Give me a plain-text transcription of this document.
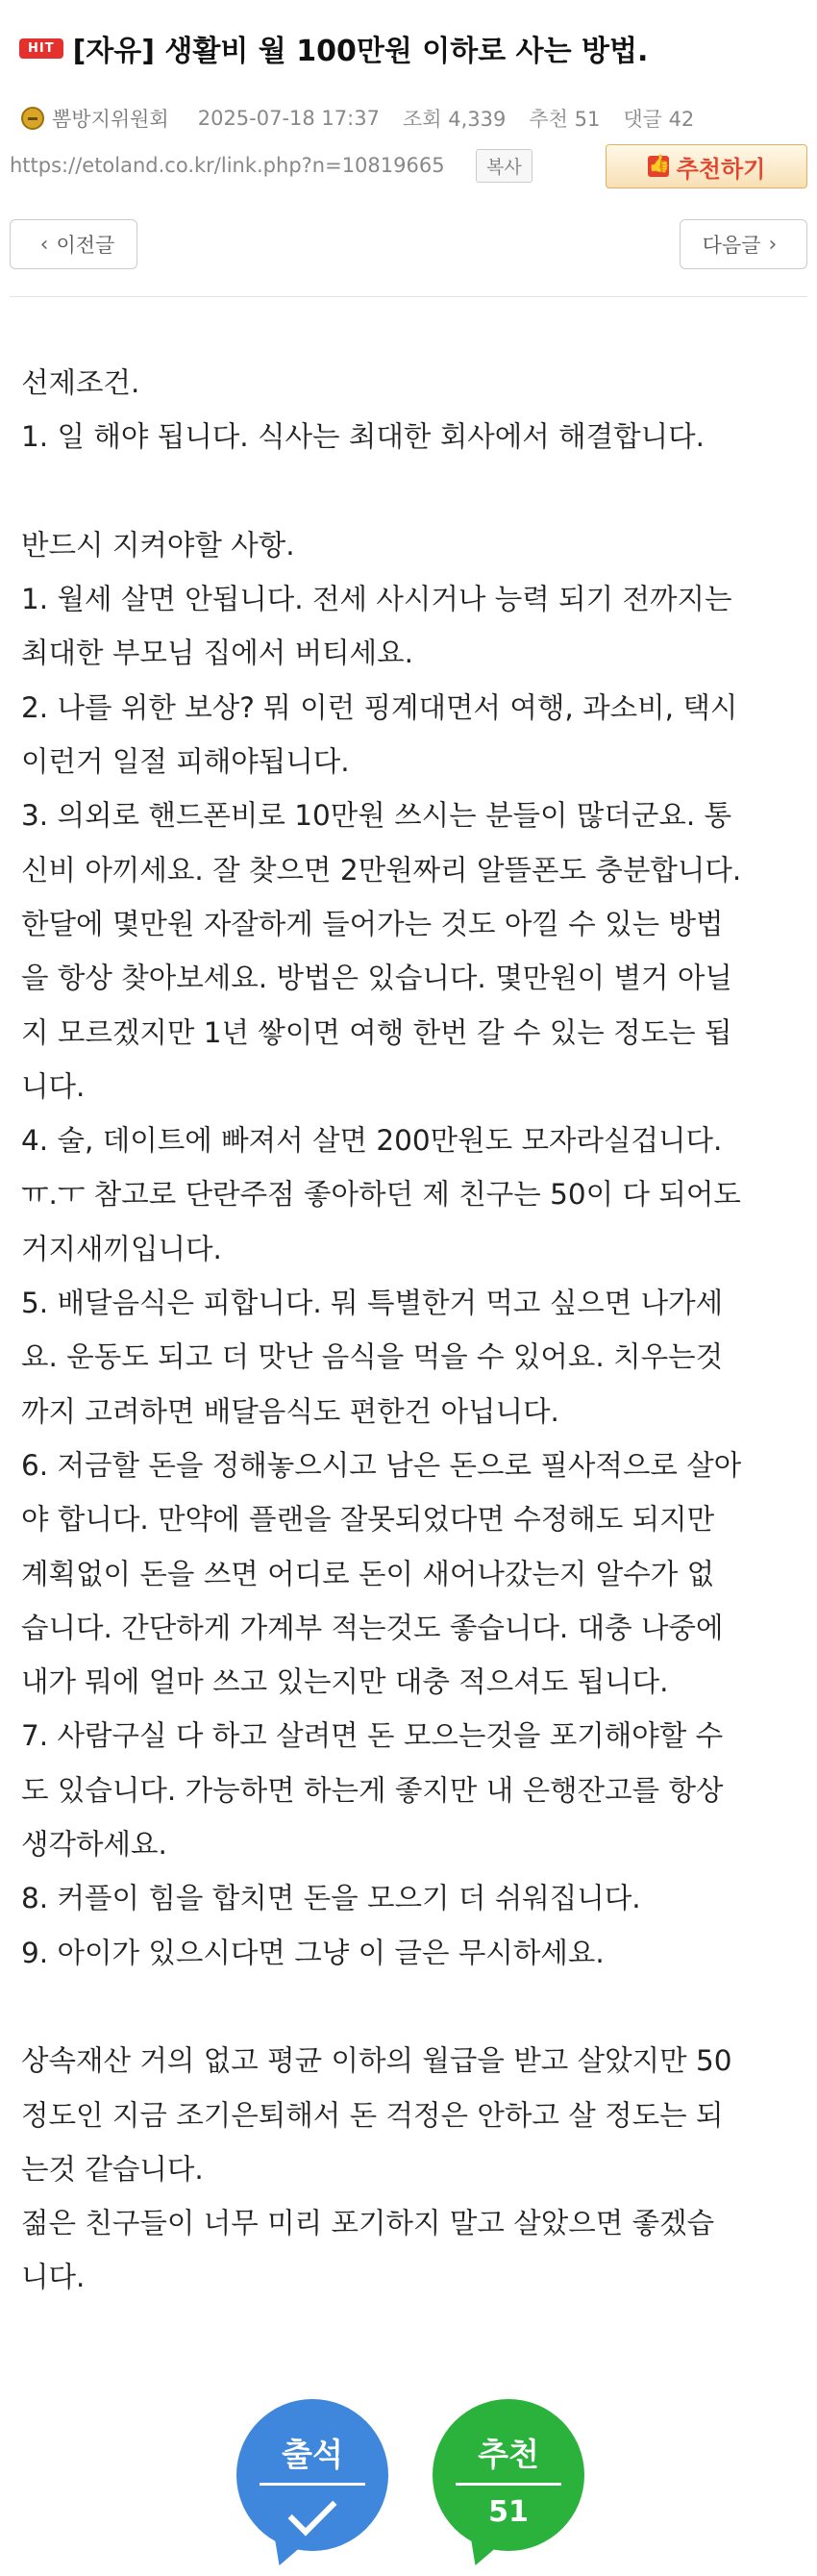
HIT [자유] 생활비 월 100만원 이하로 사는 방법.
뽐방지위원회 2025-07-18 17:37 조회 4,339 추천 51 댓글 42
https://etoland.co.kr/link.php?n=10819665	복사
👍	추천하기
‹ 이전글	다음글 ›

선제조건.

1. 일 해야 됩니다. 식사는 최대한 회사에서 해결합니다.

반드시 지켜야할 사항.

1. 월세 살면 안됩니다. 전세 사시거나 능력 되기 전까지는

최대한 부모님 집에서 버티세요.

2. 나를 위한 보상? 뭐 이런 핑계대면서 여행, 과소비, 택시

이런거 일절 피해야됩니다.

3. 의외로 핸드폰비로 10만원 쓰시는 분들이 많더군요. 통

신비 아끼세요. 잘 찾으면 2만원짜리 알뜰폰도 충분합니다.

한달에 몇만원 자잘하게 들어가는 것도 아낄 수 있는 방법

을 항상 찾아보세요. 방법은 있습니다. 몇만원이 별거 아닐

지 모르겠지만 1년 쌓이면 여행 한번 갈 수 있는 정도는 됩

니다.

4. 술, 데이트에 빠져서 살면 200만원도 모자라실겁니다.

ㅠ.ㅜ 참고로 단란주점 좋아하던 제 친구는 50이 다 되어도

거지새끼입니다.

5. 배달음식은 피합니다. 뭐 특별한거 먹고 싶으면 나가세

요. 운동도 되고 더 맛난 음식을 먹을 수 있어요. 치우는것

까지 고려하면 배달음식도 편한건 아닙니다.

6. 저금할 돈을 정해놓으시고 남은 돈으로 필사적으로 살아

야 합니다. 만약에 플랜을 잘못되었다면 수정해도 되지만

계획없이 돈을 쓰면 어디로 돈이 새어나갔는지 알수가 없

습니다. 간단하게 가계부 적는것도 좋습니다. 대충 나중에

내가 뭐에 얼마 쓰고 있는지만 대충 적으셔도 됩니다.

7. 사람구실 다 하고 살려면 돈 모으는것을 포기해야할 수

도 있습니다. 가능하면 하는게 좋지만 내 은행잔고를 항상

생각하세요.

8. 커플이 힘을 합치면 돈을 모으기 더 쉬워집니다.

9. 아이가 있으시다면 그냥 이 글은 무시하세요.

상속재산 거의 없고 평균 이하의 월급을 받고 살았지만 50

정도인 지금 조기은퇴해서 돈 걱정은 안하고 살 정도는 되

는것 같습니다.

젊은 친구들이 너무 미리 포기하지 말고 살았으면 좋겠습

니다.

출석	추천
51
